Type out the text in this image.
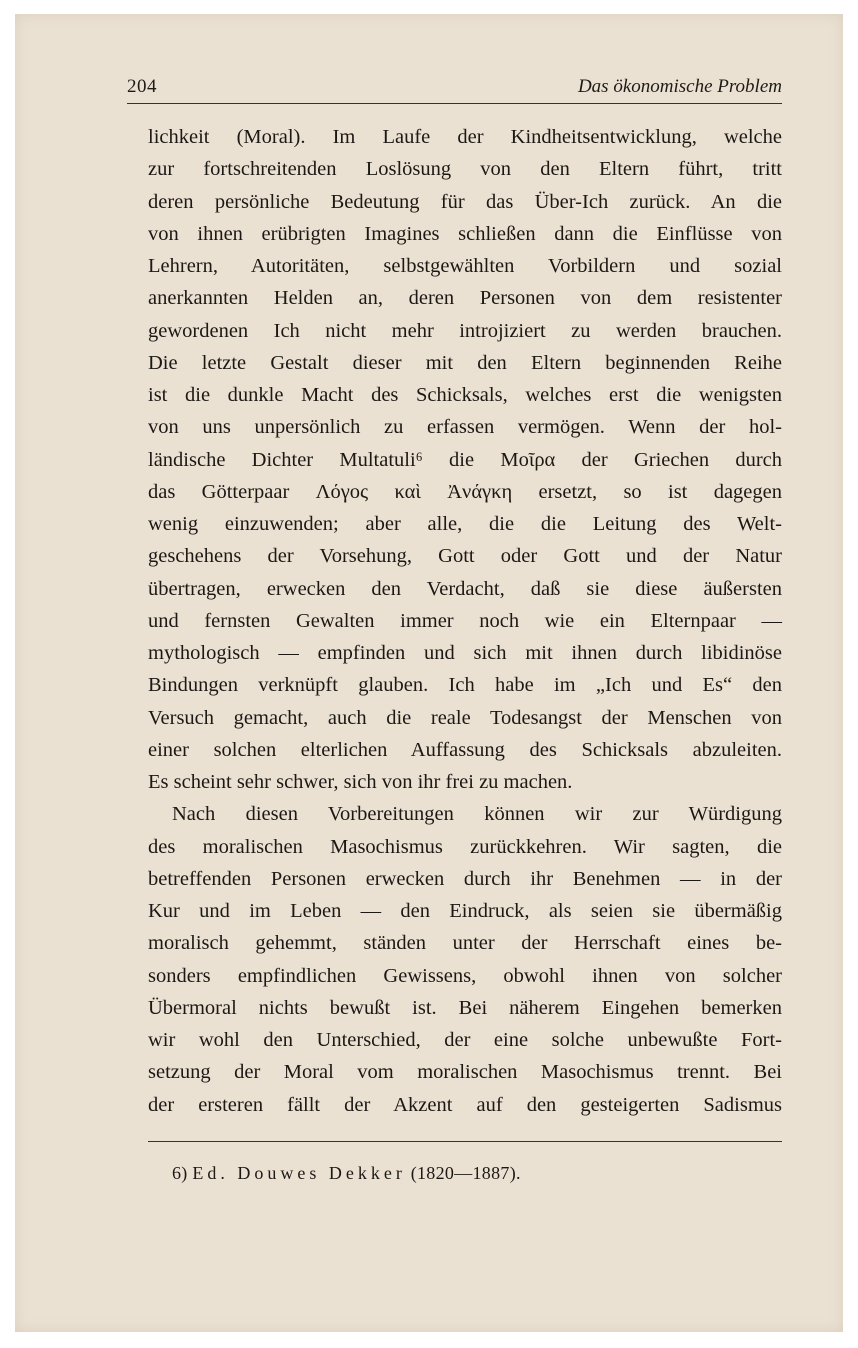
204	Das ökonomische Problem
lichkeit (Moral). Im Laufe der Kindheitsentwicklung, welche
zur fortschreitenden Loslösung von den Eltern führt, tritt
deren persönliche Bedeutung für das Über-Ich zurück. An die
von ihnen erübrigten Imagines schließen dann die Einflüsse von
Lehrern, Autoritäten, selbstgewählten Vorbildern und sozial
anerkannten Helden an, deren Personen von dem resistenter
gewordenen Ich nicht mehr introjiziert zu werden brauchen.
Die letzte Gestalt dieser mit den Eltern beginnenden Reihe
ist die dunkle Macht des Schicksals, welches erst die wenigsten
von uns unpersönlich zu erfassen vermögen. Wenn der hol-
ländische Dichter Multatuli⁶ die Μοῖρα der Griechen durch
das Götterpaar Λόγος καὶ Ἀνάγκη ersetzt, so ist dagegen
wenig einzuwenden; aber alle, die die Leitung des Welt-
geschehens der Vorsehung, Gott oder Gott und der Natur
übertragen, erwecken den Verdacht, daß sie diese äußersten
und fernsten Gewalten immer noch wie ein Elternpaar —
mythologisch — empfinden und sich mit ihnen durch libidinöse
Bindungen verknüpft glauben. Ich habe im „Ich und Es“ den
Versuch gemacht, auch die reale Todesangst der Menschen von
einer solchen elterlichen Auffassung des Schicksals abzuleiten.
Es scheint sehr schwer, sich von ihr frei zu machen.
Nach diesen Vorbereitungen können wir zur Würdigung
des moralischen Masochismus zurückkehren. Wir sagten, die
betreffenden Personen erwecken durch ihr Benehmen — in der
Kur und im Leben — den Eindruck, als seien sie übermäßig
moralisch gehemmt, ständen unter der Herrschaft eines be-
sonders empfindlichen Gewissens, obwohl ihnen von solcher
Übermoral nichts bewußt ist. Bei näherem Eingehen bemerken
wir wohl den Unterschied, der eine solche unbewußte Fort-
setzung der Moral vom moralischen Masochismus trennt. Bei
der ersteren fällt der Akzent auf den gesteigerten Sadismus
6) Ed. Douwes Dekker (1820—1887).
